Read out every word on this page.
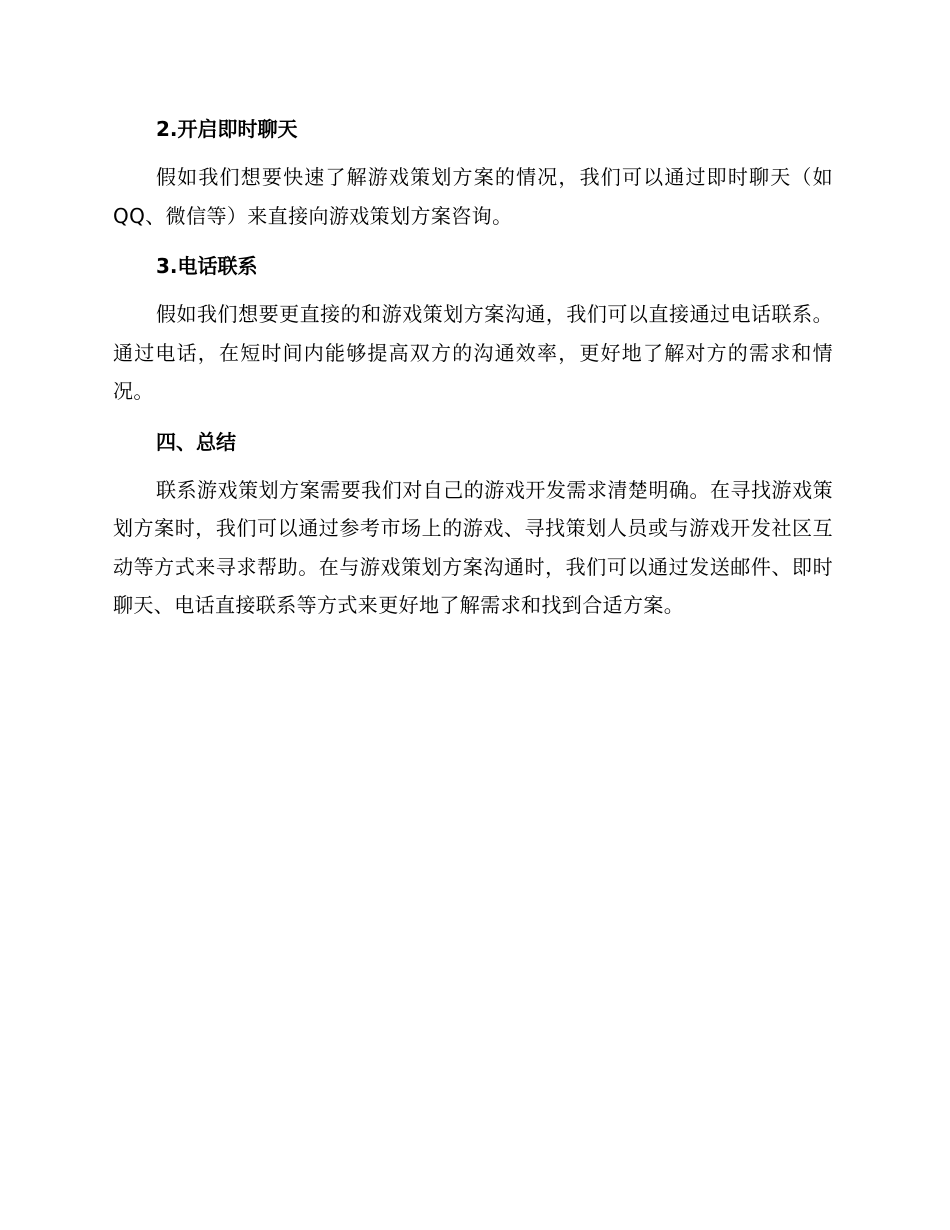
2.开启即时聊天

假如我们想要快速了解游戏策划方案的情况，我们可以通过即时聊天（如 QQ、微信等）来直接向游戏策划方案咨询。

3.电话联系

假如我们想要更直接的和游戏策划方案沟通，我们可以直接通过电话联系。通过电话，在短时间内能够提高双方的沟通效率，更好地了解对方的需求和情况。

四、总结

联系游戏策划方案需要我们对自己的游戏开发需求清楚明确。在寻找游戏策划方案时，我们可以通过参考市场上的游戏、寻找策划人员或与游戏开发社区互动等方式来寻求帮助。在与游戏策划方案沟通时，我们可以通过发送邮件、即时聊天、电话直接联系等方式来更好地了解需求和找到合适方案。
